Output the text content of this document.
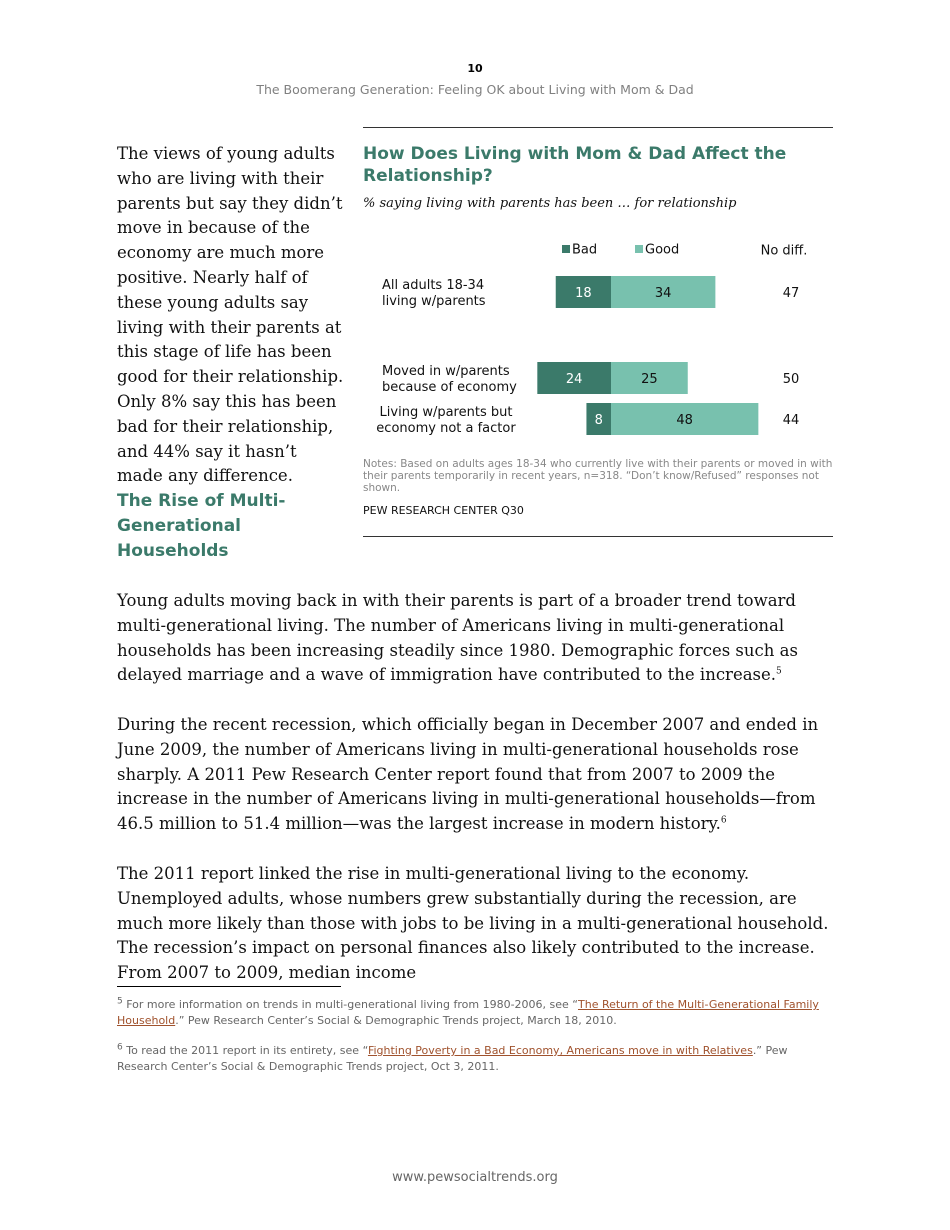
10
The Boomerang Generation: Feeling OK about Living with Mom & Dad
The views of young adults who are living with their parents but say they didn’t move in because of the economy are much more positive. Nearly half of these young adults say living with their parents at this stage of life has been good for their relationship. Only 8% say this has been bad for their relationship, and 44% say it hasn’t made any difference.
The Rise of Multi-Generational Households
How Does Living with Mom & Dad Affect the Relationship?
% saying living with parents has been … for relationship
Bad	Good	No diff.
All adults 18-34
living w/parents
18	34	47
Moved in w/parents
because of economy
24	25	50
Living w/parents but
economy not a factor
8	48	44
Notes: Based on adults ages 18-34 who currently live with their parents or moved in with their parents temporarily in recent years, n=318. “Don’t know/Refused” responses not shown.
PEW RESEARCH CENTER Q30
Young adults moving back in with their parents is part of a broader trend toward multi-generational living. The number of Americans living in multi-generational households has been increasing steadily since 1980. Demographic forces such as delayed marriage and a wave of immigration have contributed to the increase.$^5$
During the recent recession, which officially began in December 2007 and ended in June 2009, the number of Americans living in multi-generational households rose sharply. A 2011 Pew Research Center report found that from 2007 to 2009 the increase in the number of Americans living in multi-generational households—from 46.5 million to 51.4 million—was the largest increase in modern history.$^6$
The 2011 report linked the rise in multi-generational living to the economy. Unemployed adults, whose numbers grew substantially during the recession, are much more likely than those with jobs to be living in a multi-generational household. The recession’s impact on personal finances also likely contributed to the increase. From 2007 to 2009, median income
$^5$ For more information on trends in multi-generational living from 1980-2006, see “The Return of the Multi-Generational Family Household.” Pew Research Center’s Social & Demographic Trends project, March 18, 2010.
$^6$ To read the 2011 report in its entirety, see “Fighting Poverty in a Bad Economy, Americans move in with Relatives.” Pew Research Center’s Social & Demographic Trends project, Oct 3, 2011.
www.pewsocialtrends.org
